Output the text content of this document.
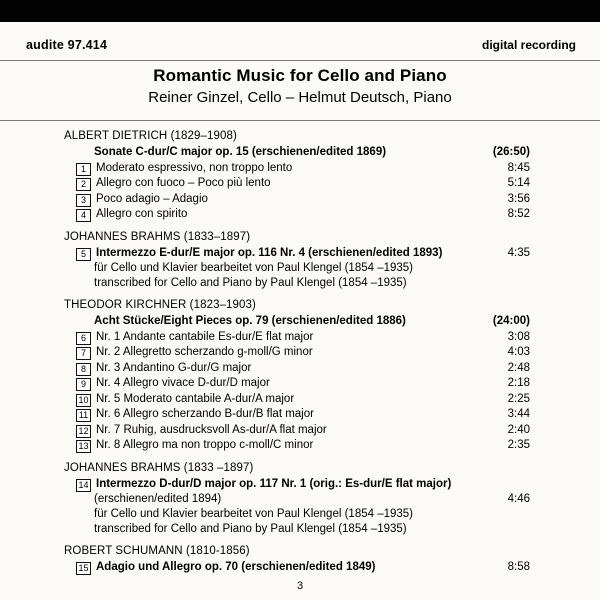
audite 97.414	digital recording
Romantic Music for Cello and Piano
Reiner Ginzel, Cello – Helmut Deutsch, Piano
ALBERT DIETRICH (1829–1908)
Sonate C-dur/C major op. 15 (erschienen/edited 1869)	(26:50)
1 Moderato espressivo, non troppo lento	8:45
2 Allegro con fuoco – Poco più lento	5:14
3 Poco adagio – Adagio	3:56
4 Allegro con spirito	8:52
JOHANNES BRAHMS (1833–1897)
5 Intermezzo E-dur/E major op. 116 Nr. 4 (erschienen/edited 1893)	4:35
für Cello und Klavier bearbeitet von Paul Klengel (1854 –1935)
transcribed for Cello and Piano by Paul Klengel (1854 –1935)
THEODOR KIRCHNER (1823–1903)
Acht Stücke/Eight Pieces op. 79 (erschienen/edited 1886)	(24:00)
6 Nr. 1 Andante cantabile Es-dur/E flat major	3:08
7 Nr. 2 Allegretto scherzando g-moll/G minor	4:03
8 Nr. 3 Andantino G-dur/G major	2:48
9 Nr. 4 Allegro vivace D-dur/D major	2:18
10 Nr. 5 Moderato cantabile A-dur/A major	2:25
11 Nr. 6 Allegro scherzando B-dur/B flat major	3:44
12 Nr. 7 Ruhig, ausdrucksvoll As-dur/A flat major	2:40
13 Nr. 8 Allegro ma non troppo c-moll/C minor	2:35
JOHANNES BRAHMS (1833 –1897)
14 Intermezzo D-dur/D major op. 117 Nr. 1 (orig.: Es-dur/E flat major)
(erschienen/edited 1894)	4:46
für Cello und Klavier bearbeitet von Paul Klengel (1854 –1935)
transcribed for Cello and Piano by Paul Klengel (1854 –1935)
ROBERT SCHUMANN (1810-1856)
15 Adagio und Allegro op. 70 (erschienen/edited 1849)	8:58
3
